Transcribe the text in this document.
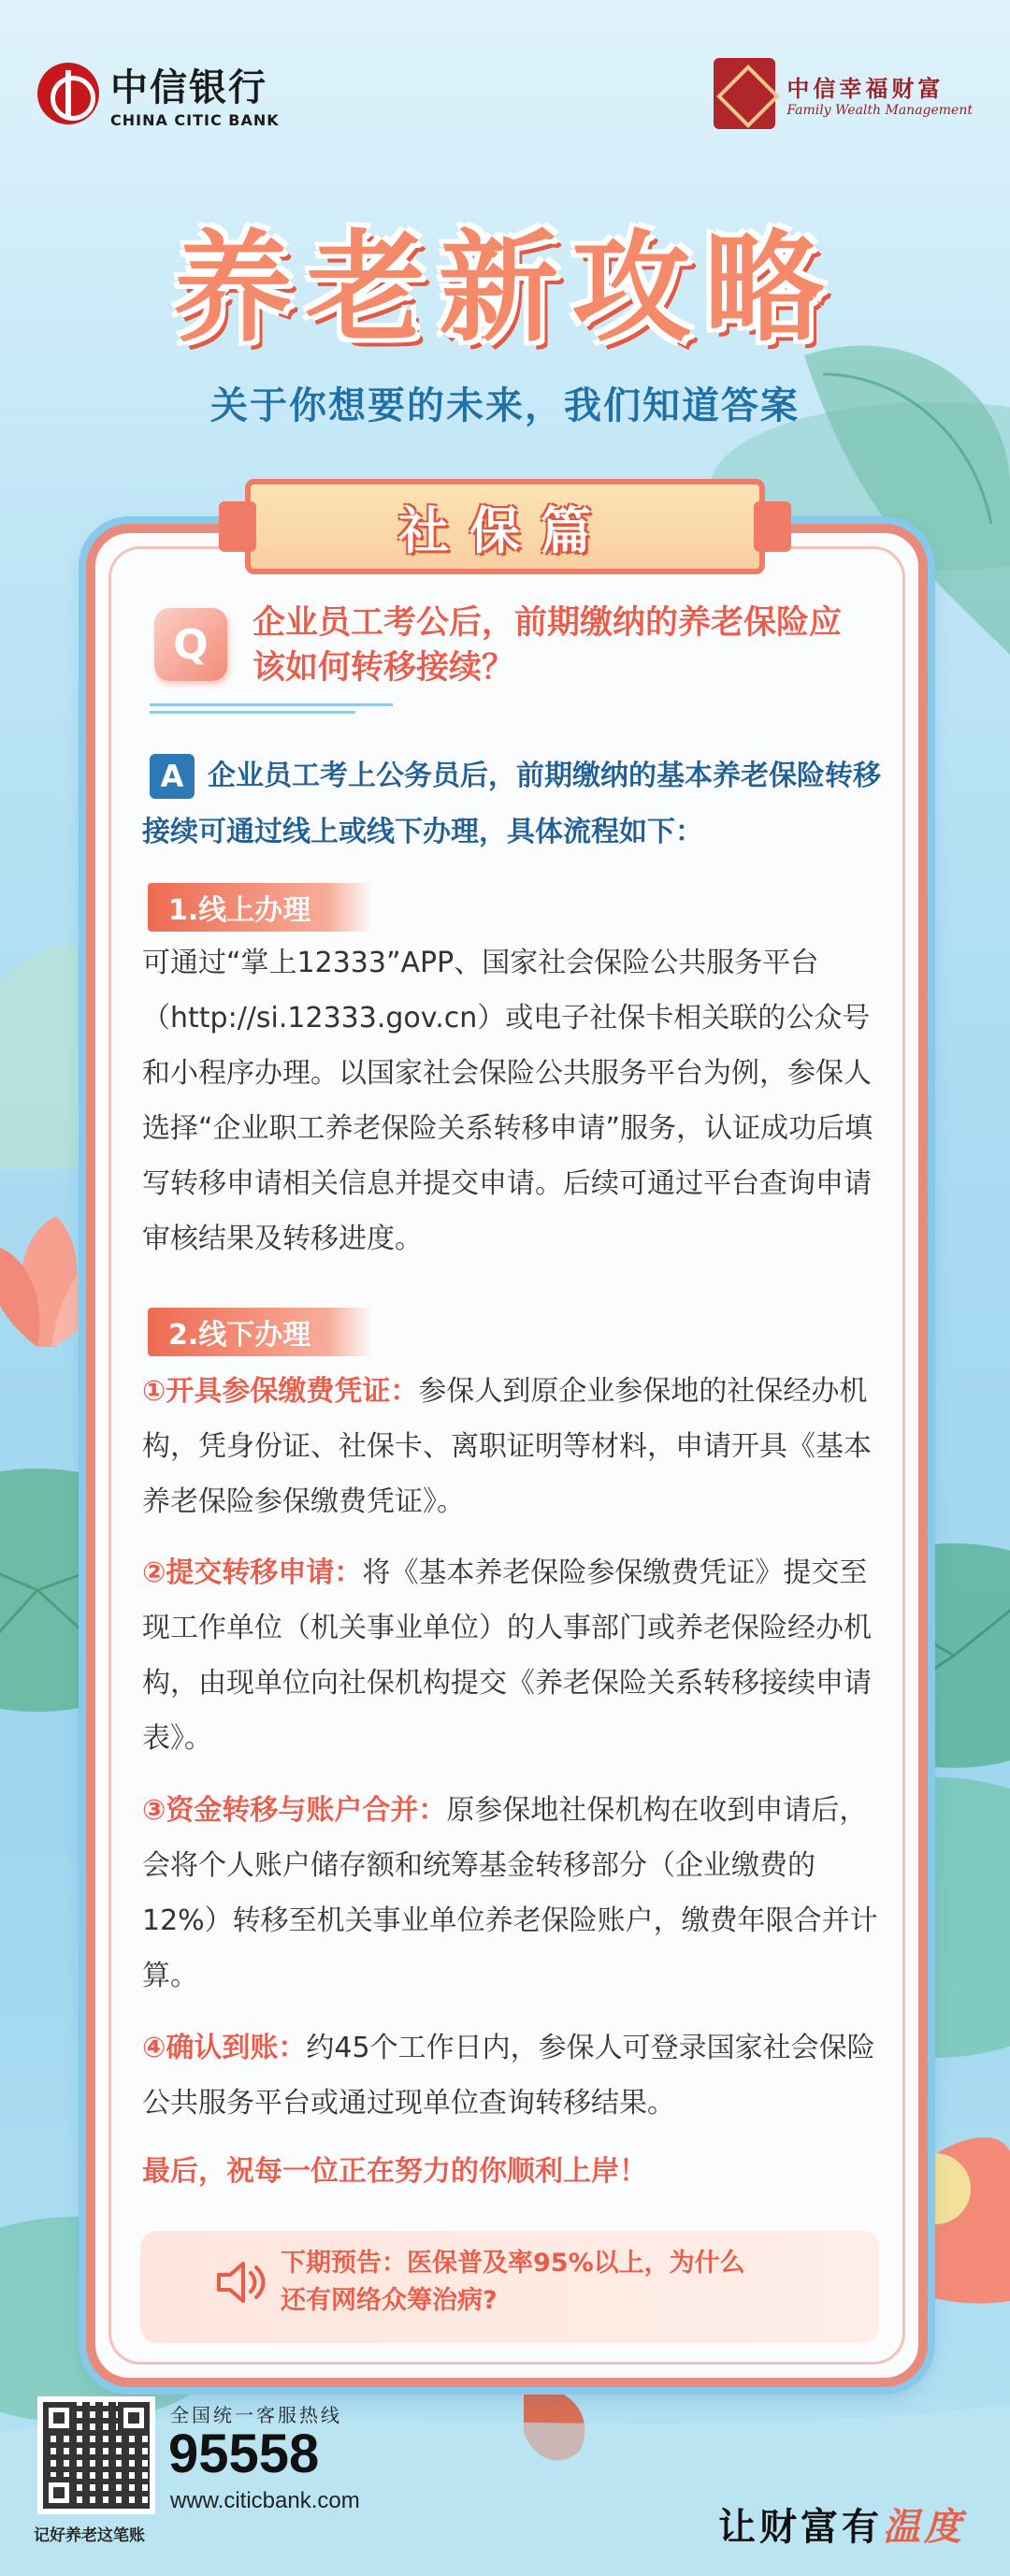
中信银行
CHINA CITIC BANK
中信幸福财富
Family Wealth Management
养老新攻略
关于你想要的未来，我们知道答案
社保篇
Q	企业员工考公后，前期缴纳的养老保险应该如何转移接续？
A 企业员工考上公务员后，前期缴纳的基本养老保险转移接续可通过线上或线下办理，具体流程如下：
1.线上办理
可通过“掌上12333”APP、国家社会保险公共服务平台（http://si.12333.gov.cn）或电子社保卡相关联的公众号和小程序办理。以国家社会保险公共服务平台为例，参保人选择“企业职工养老保险关系转移申请”服务，认证成功后填写转移申请相关信息并提交申请。后续可通过平台查询申请审核结果及转移进度。
2.线下办理
①开具参保缴费凭证：参保人到原企业参保地的社保经办机构，凭身份证、社保卡、离职证明等材料，申请开具《基本养老保险参保缴费凭证》。
②提交转移申请：将《基本养老保险参保缴费凭证》提交至现工作单位（机关事业单位）的人事部门或养老保险经办机构，由现单位向社保机构提交《养老保险关系转移接续申请表》。
③资金转移与账户合并：原参保地社保机构在收到申请后，会将个人账户储存额和统筹基金转移部分（企业缴费的12%）转移至机关事业单位养老保险账户，缴费年限合并计算。
④确认到账：约45个工作日内，参保人可登录国家社会保险公共服务平台或通过现单位查询转移结果。
最后，祝每一位正在努力的你顺利上岸！
下期预告：医保普及率95%以上，为什么
还有网络众筹治病?
记好养老这笔账
全国统一客服热线
95558
www.citicbank.com
让财富有温度
